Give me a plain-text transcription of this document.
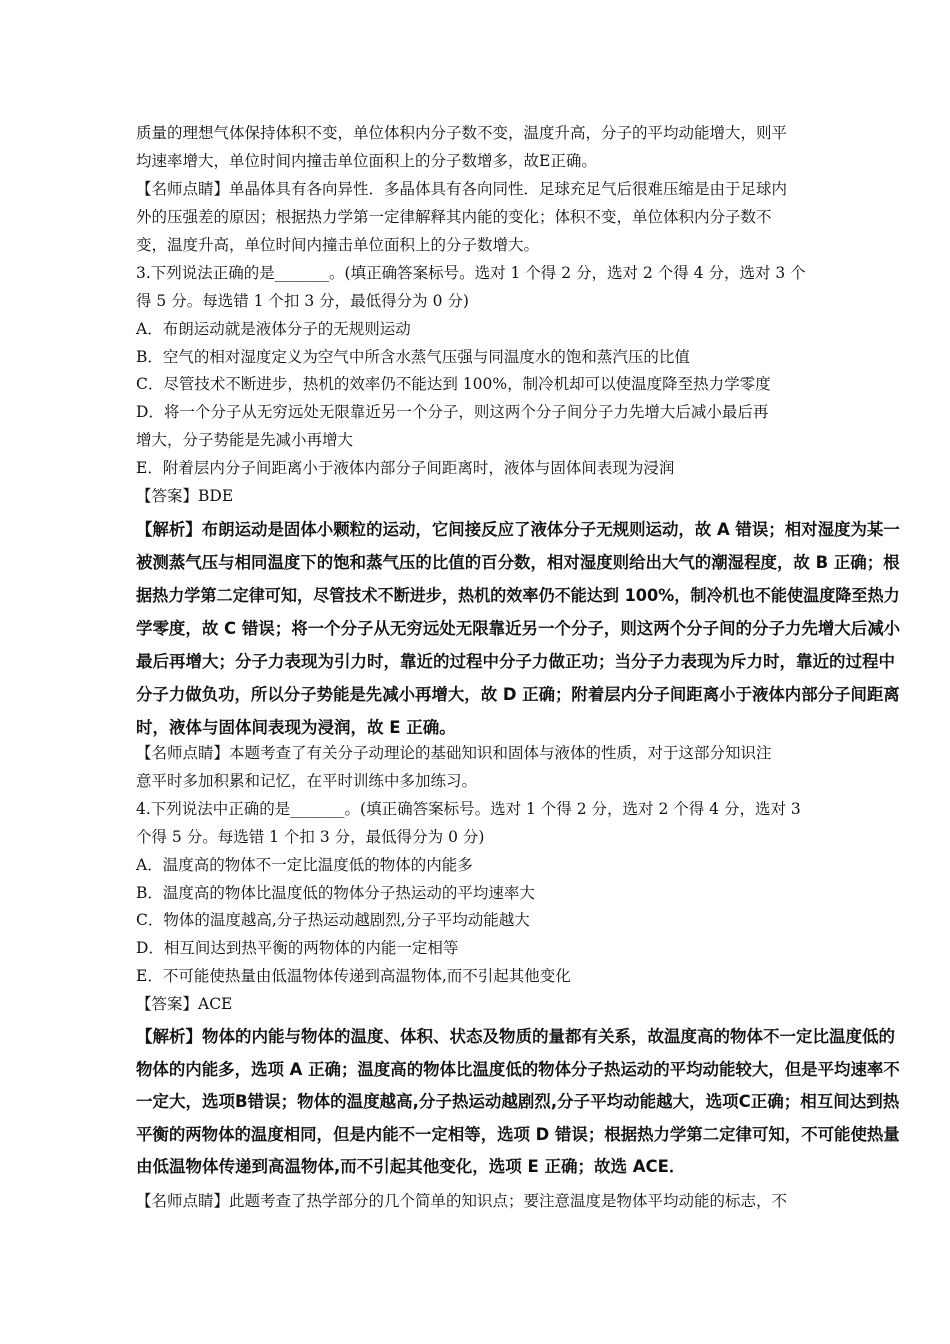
质量的理想气体保持体积不变，单位体积内分子数不变，温度升高，分子的平均动能增大，则平
均速率增大，单位时间内撞击单位面积上的分子数增多，故E正确。
【名师点睛】单晶体具有各向异性．多晶体具有各向同性．足球充足气后很难压缩是由于足球内
外的压强差的原因；根据热力学第一定律解释其内能的变化；体积不变，单位体积内分子数不
变，温度升高，单位时间内撞击单位面积上的分子数增大。
3.下列说法正确的是_______。(填正确答案标号。选对 1 个得 2 分，选对 2 个得 4 分，选对 3 个
得 5 分。每选错 1 个扣 3 分，最低得分为 0 分)
A．布朗运动就是液体分子的无规则运动
B．空气的相对湿度定义为空气中所含水蒸气压强与同温度水的饱和蒸汽压的比值
C．尽管技术不断进步，热机的效率仍不能达到 100%，制冷机却可以使温度降至热力学零度
D．将一个分子从无穷远处无限靠近另一个分子，则这两个分子间分子力先增大后减小最后再
增大，分子势能是先减小再增大
E．附着层内分子间距离小于液体内部分子间距离时，液体与固体间表现为浸润
【答案】BDE
【解析】布朗运动是固体小颗粒的运动，它间接反应了液体分子无规则运动，故 A 错误；相对湿度为某一
被测蒸气压与相同温度下的饱和蒸气压的比值的百分数，相对湿度则给出大气的潮湿程度，故 B 正确；根
据热力学第二定律可知，尽管技术不断进步，热机的效率仍不能达到 100%，制冷机也不能使温度降至热力
学零度，故 C 错误；将一个分子从无穷远处无限靠近另一个分子，则这两个分子间的分子力先增大后减小
最后再增大；分子力表现为引力时，靠近的过程中分子力做正功；当分子力表现为斥力时，靠近的过程中
分子力做负功，所以分子势能是先减小再增大，故 D 正确；附着层内分子间距离小于液体内部分子间距离
时，液体与固体间表现为浸润，故 E 正确。
【名师点睛】本题考查了有关分子动理论的基础知识和固体与液体的性质，对于这部分知识注
意平时多加积累和记忆，在平时训练中多加练习。
4.下列说法中正确的是_______。(填正确答案标号。选对 1 个得 2 分，选对 2 个得 4 分，选对 3
个得 5 分。每选错 1 个扣 3 分，最低得分为 0 分)
A．温度高的物体不一定比温度低的物体的内能多
B．温度高的物体比温度低的物体分子热运动的平均速率大
C．物体的温度越高,分子热运动越剧烈,分子平均动能越大
D．相互间达到热平衡的两物体的内能一定相等
E．不可能使热量由低温物体传递到高温物体,而不引起其他变化
【答案】ACE
【解析】物体的内能与物体的温度、体积、状态及物质的量都有关系，故温度高的物体不一定比温度低的
物体的内能多，选项 A 正确；温度高的物体比温度低的物体分子热运动的平均动能较大，但是平均速率不
一定大，选项B错误；物体的温度越高,分子热运动越剧烈,分子平均动能越大，选项C正确；相互间达到热
平衡的两物体的温度相同，但是内能不一定相等，选项 D 错误；根据热力学第二定律可知，不可能使热量
由低温物体传递到高温物体,而不引起其他变化，选项 E 正确；故选 ACE．
【名师点睛】此题考查了热学部分的几个简单的知识点；要注意温度是物体平均动能的标志，不
